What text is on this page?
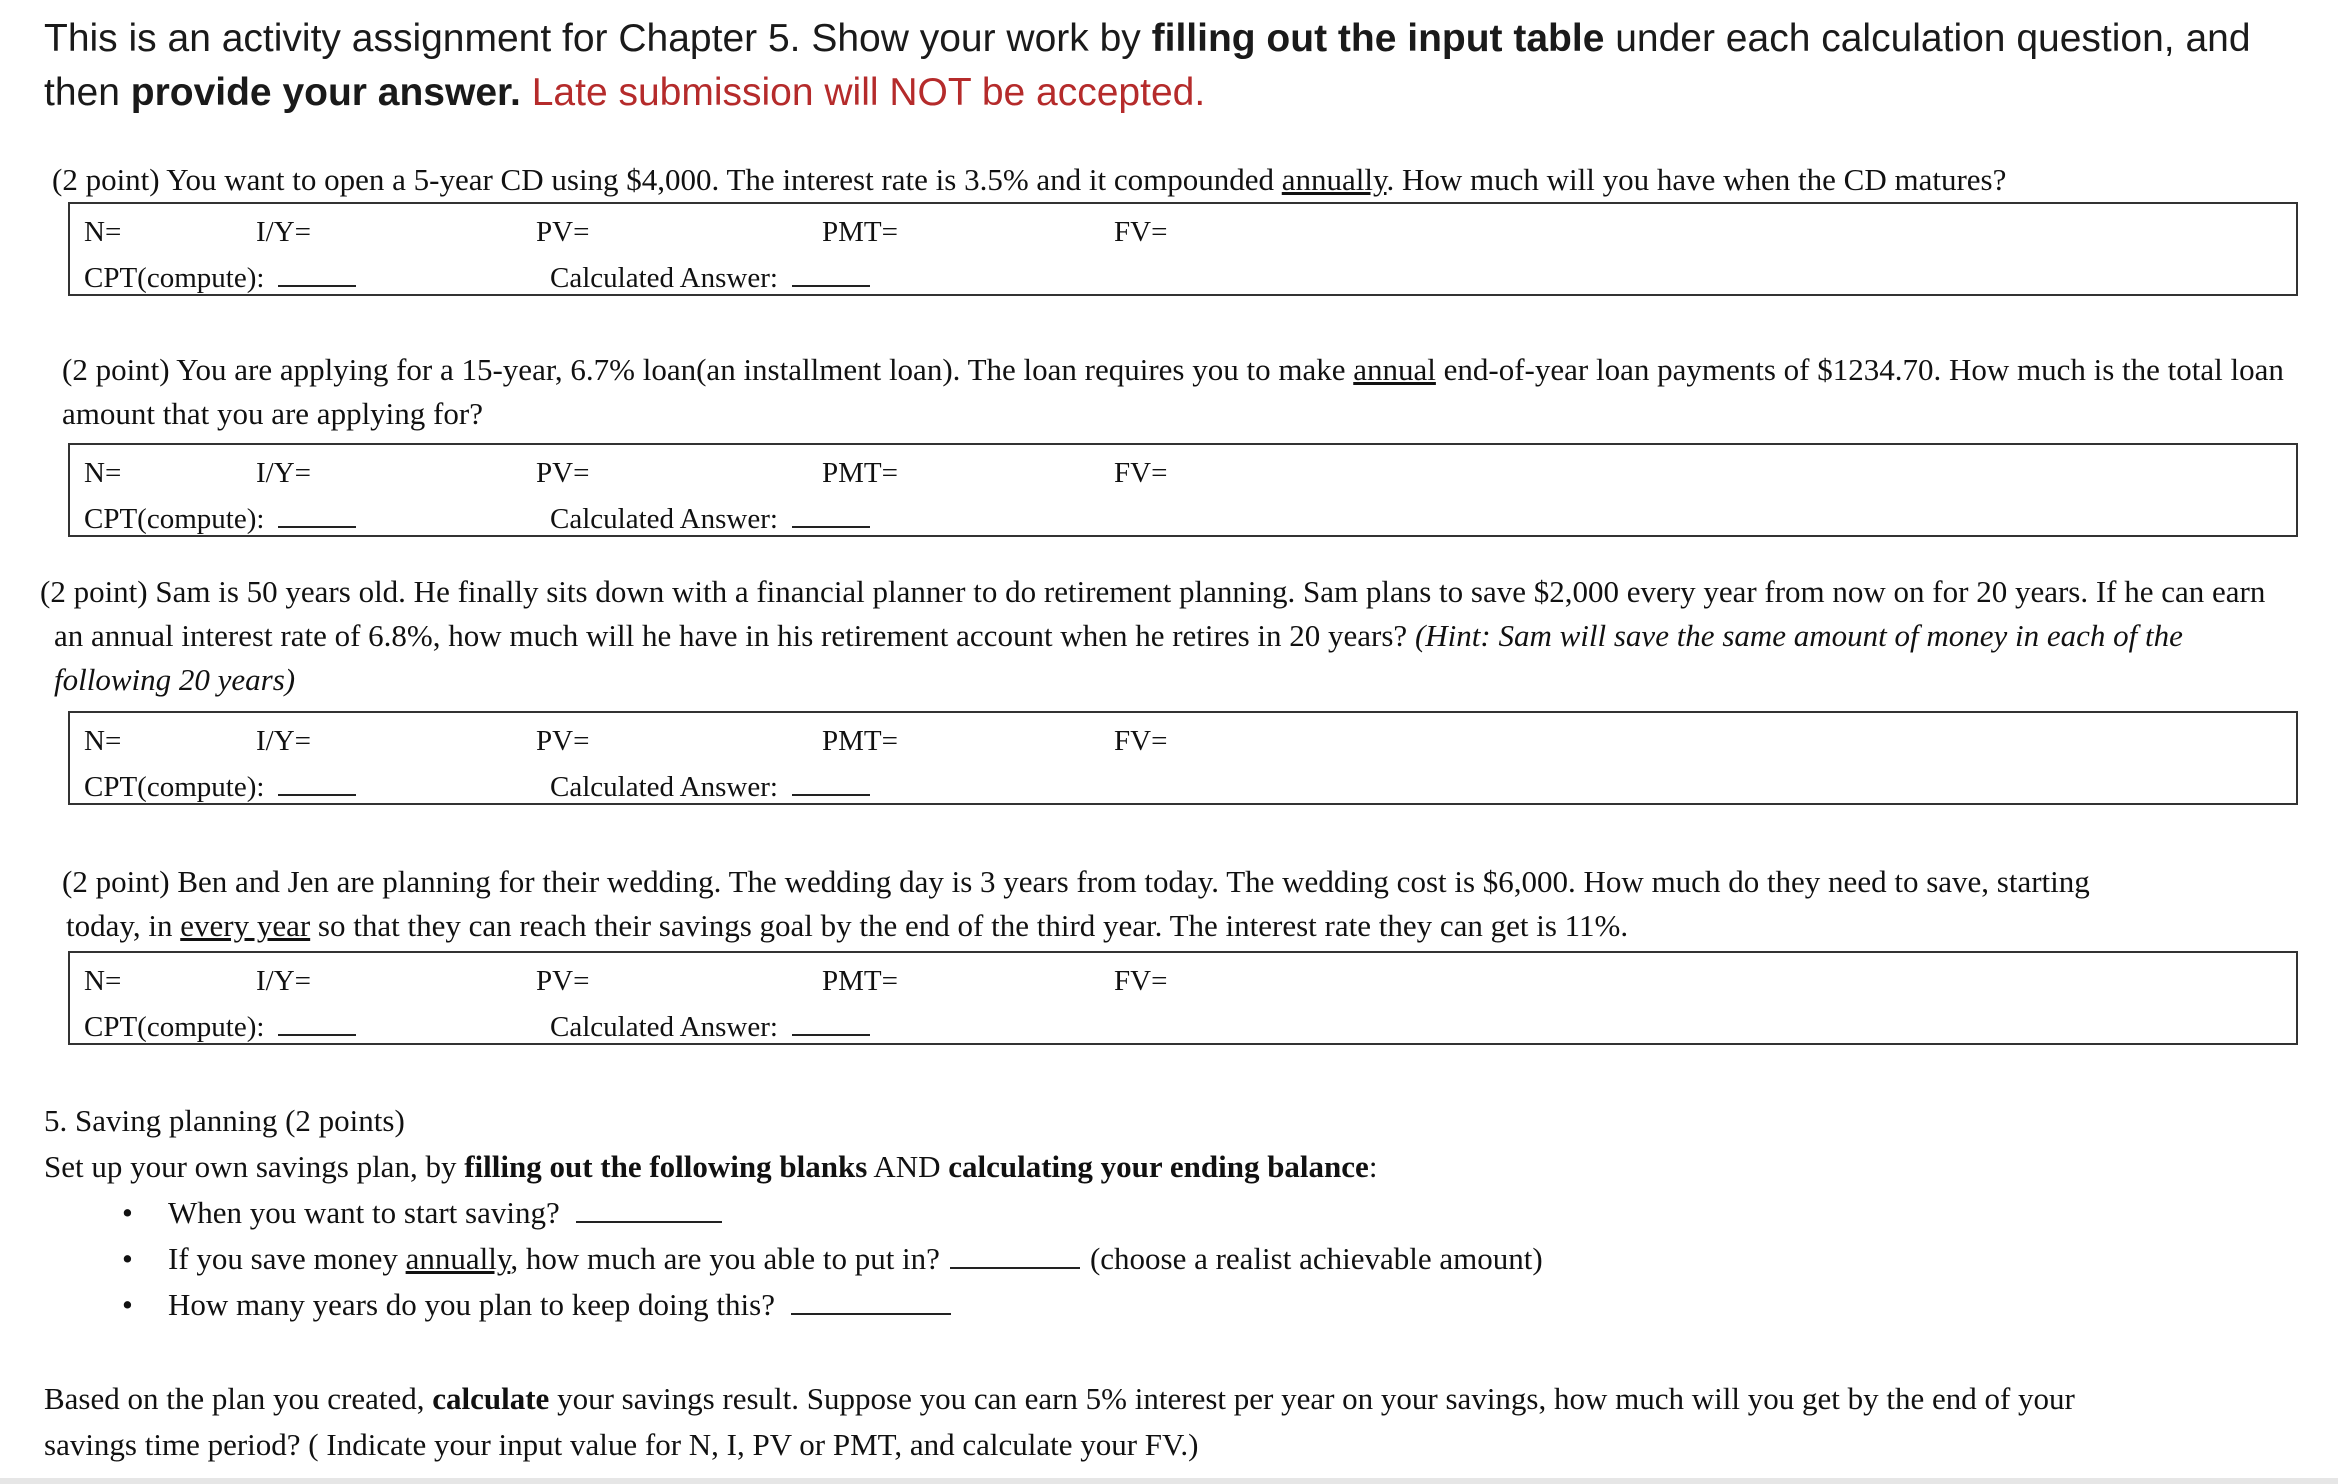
This is an activity assignment for Chapter 5. Show your work by filling out the input table under each calculation question, and then provide your answer. Late submission will NOT be accepted.
(2 point) You want to open a 5-year CD using $4,000. The interest rate is 3.5% and it compounded annually. How much will you have when the CD matures?
N=	I/Y=	PV=	PMT=	FV=
CPT(compute):	Calculated Answer:
(2 point) You are applying for a 15-year, 6.7% loan(an installment loan). The loan requires you to make annual end-of-year loan payments of $1234.70. How much is the total loan
amount that you are applying for?
N=	I/Y=	PV=	PMT=	FV=
CPT(compute):	Calculated Answer:
(2 point) Sam is 50 years old. He finally sits down with a financial planner to do retirement planning. Sam plans to save $2,000 every year from now on for 20 years. If he can earn
an annual interest rate of 6.8%, how much will he have in his retirement account when he retires in 20 years? (Hint: Sam will save the same amount of money in each of the
following 20 years)
N=	I/Y=	PV=	PMT=	FV=
CPT(compute):	Calculated Answer:
(2 point) Ben and Jen are planning for their wedding. The wedding day is 3 years from today. The wedding cost is $6,000. How much do they need to save, starting
today, in every year so that they can reach their savings goal by the end of the third year. The interest rate they can get is 11%.
N=	I/Y=	PV=	PMT=	FV=
CPT(compute):	Calculated Answer:
5. Saving planning (2 points)
Set up your own savings plan, by filling out the following blanks AND calculating your ending balance:
• When you want to start saving?
• If you save money annually, how much are you able to put in?	(choose a realist achievable amount)
• How many years do you plan to keep doing this?
Based on the plan you created, calculate your savings result. Suppose you can earn 5% interest per year on your savings, how much will you get by the end of your
savings time period? ( Indicate your input value for N, I, PV or PMT, and calculate your FV.)
